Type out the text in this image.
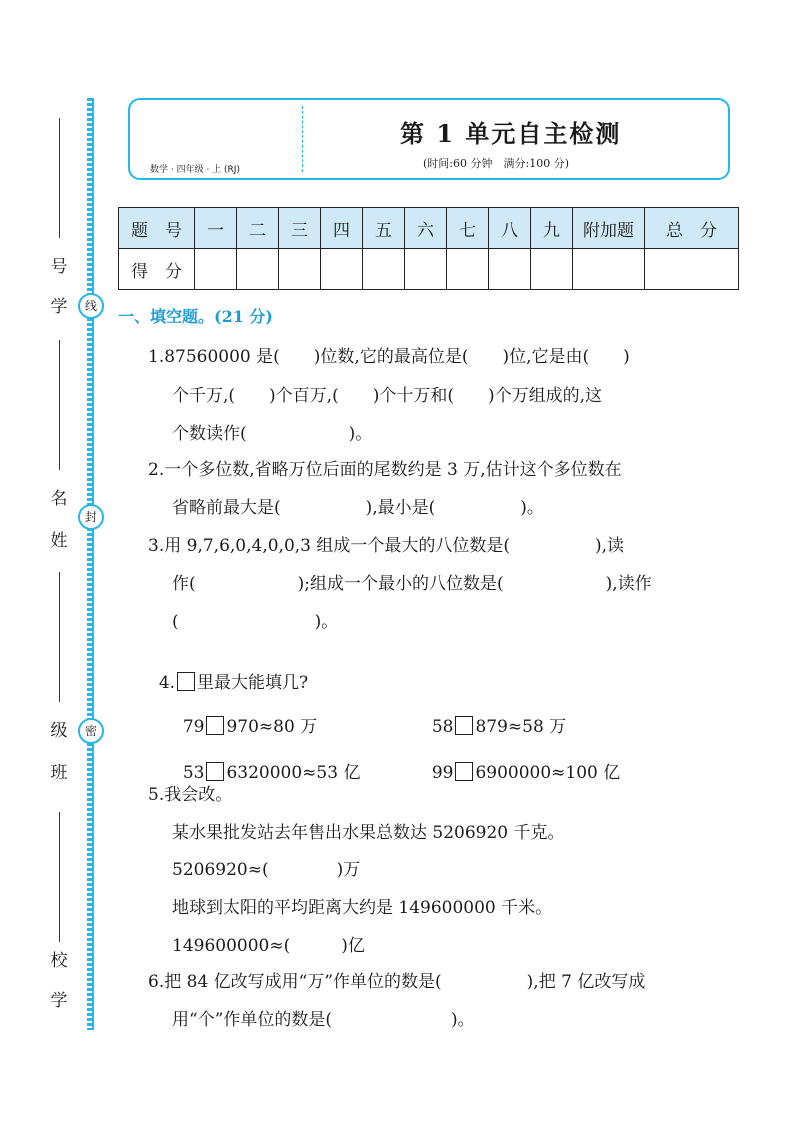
学
号
姓
名
班
级
学
校
线
封
密
数学 · 四年级 · 上 (RJ)
第 1 单元自主检测
(时间:60 分钟　满分:100 分)
题　号	一	二	三	四	五	六	七	八	九	附加题	总　分
得　分											
一、填空题。(21 分)
1.87560000 是(　　)位数,它的最高位是(　　)位,它是由(　　)
个千万,(　　)个百万,(　　)个十万和(　　)个万组成的,这
个数读作(　　　　　　)。
2.一个多位数,省略万位后面的尾数约是 3 万,估计这个多位数在
省略前最大是(　　　　　),最小是(　　　　　)。
3.用 9,7,6,0,4,0,0,3 组成一个最大的八位数是(　　　　　),读
作(　　　　　　);组成一个最小的八位数是(　　　　　　),读作
(　　　　　　　　)。

4. 里最大能填几?

79 970≈80 万	58 879≈58 万

53 6320000≈53 亿	99 6900000≈100 亿

5.我会改。
某水果批发站去年售出水果总数达 5206920 千克。
5206920≈(　　　　)万
地球到太阳的平均距离大约是 149600000 千米。
149600000≈(　　　)亿
6.把 84 亿改写成用“万”作单位的数是(　　　　　),把 7 亿改写成
用“个”作单位的数是(　　　　　　　)。
